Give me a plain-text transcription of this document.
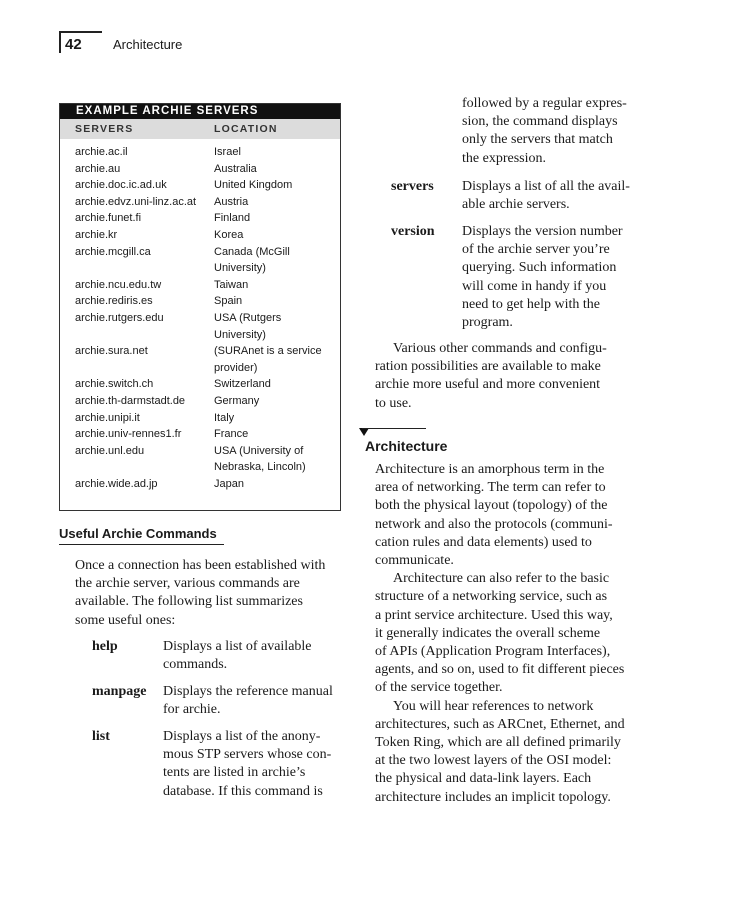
42 Architecture
EXAMPLE ARCHIE SERVERS
SERVERS	LOCATION
archie.ac.il	Israel
archie.au	Australia
archie.doc.ic.ad.uk	United Kingdom
archie.edvz.uni-linz.ac.at	Austria
archie.funet.fi	Finland
archie.kr	Korea
archie.mcgill.ca	Canada (McGill
University)
archie.ncu.edu.tw	Taiwan
archie.rediris.es	Spain
archie.rutgers.edu	USA (Rutgers
University)
archie.sura.net	(SURAnet is a service
provider)
archie.switch.ch	Switzerland
archie.th-darmstadt.de	Germany
archie.unipi.it	Italy
archie.univ-rennes1.fr	France
archie.unl.edu	USA (University of
Nebraska, Lincoln)
archie.wide.ad.jp	Japan
Useful Archie Commands

Once a connection has been established with

the archie server, various commands are

available. The following list summarizes

some useful ones:

help	Displays a list of available
commands.
manpage Displays the reference manual
for archie.
list	Displays a list of the anony-
mous STP servers whose con-
tents are listed in archie’s
database. If this command is

followed by a regular expres-

sion, the command displays

only the servers that match

the expression.

servers Displays a list of all the avail-
able archie servers.
version Displays the version number
of the archie server you’re
querying. Such information
will come in handy if you
need to get help with the
program.

Various other commands and configu-

ration possibilities are available to make

archie more useful and more convenient

to use.

Architecture

Architecture is an amorphous term in the

area of networking. The term can refer to

both the physical layout (topology) of the

network and also the protocols (communi-

cation rules and data elements) used to

communicate.

Architecture can also refer to the basic

structure of a networking service, such as

a print service architecture. Used this way,

it generally indicates the overall scheme

of APIs (Application Program Interfaces),

agents, and so on, used to fit different pieces

of the service together.

You will hear references to network

architectures, such as ARCnet, Ethernet, and

Token Ring, which are all defined primarily

at the two lowest layers of the OSI model:

the physical and data-link layers. Each

architecture includes an implicit topology.
